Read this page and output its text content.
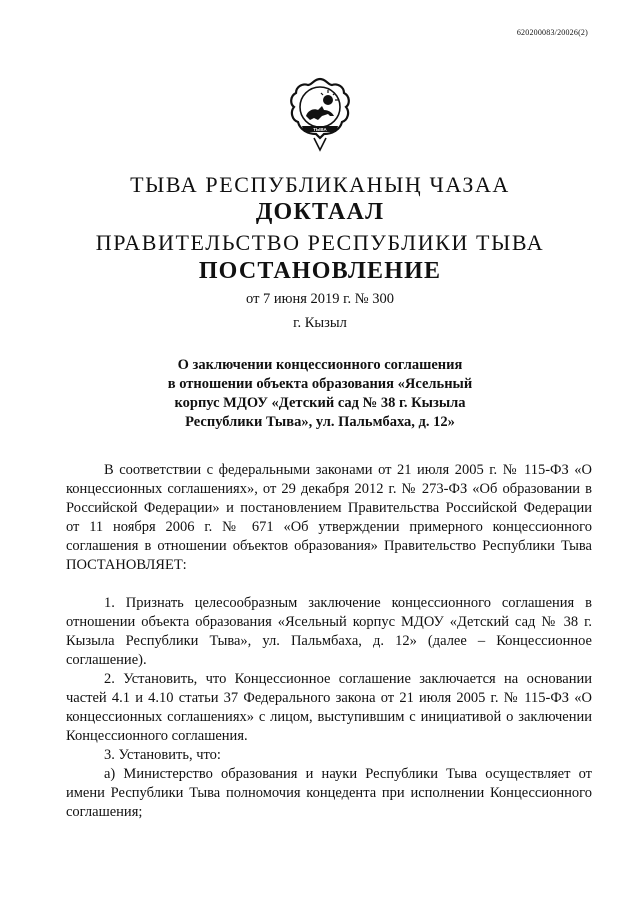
620200083/20026(2)
ТЫВА
ТЫВА РЕСПУБЛИКАНЫҢ ЧАЗАА
ДОКТААЛ
ПРАВИТЕЛЬСТВО РЕСПУБЛИКИ ТЫВА
ПОСТАНОВЛЕНИЕ
от 7 июня 2019 г. № 300
г. Кызыл
О заключении концессионного соглашения
в отношении объекта образования «Ясельный
корпус МДОУ «Детский сад № 38 г. Кызыла
Республики Тыва», ул. Пальмбаха, д. 12»

В соответствии с федеральными законами от 21 июля 2005 г. № 115-ФЗ «О концессионных соглашениях», от 29 декабря 2012 г. № 273-ФЗ «Об образовании в Российской Федерации» и постановлением Правительства Российской Федерации от 11 ноября 2006 г. № 671 «Об утверждении примерного концессионного соглашения в отношении объектов образования» Правительство Республики Тыва ПОСТАНОВЛЯЕТ:

1. Признать целесообразным заключение концессионного соглашения в отношении объекта образования «Ясельный корпус МДОУ «Детский сад № 38 г. Кызыла Республики Тыва», ул. Пальмбаха, д. 12» (далее – Концессионное соглашение).

2. Установить, что Концессионное соглашение заключается на основании частей 4.1 и 4.10 статьи 37 Федерального закона от 21 июля 2005 г. № 115-ФЗ «О концессионных соглашениях» с лицом, выступившим с инициативой о заключении Концессионного соглашения.

3. Установить, что:

а) Министерство образования и науки Республики Тыва осуществляет от имени Республики Тыва полномочия концедента при исполнении Концессионного соглашения;
